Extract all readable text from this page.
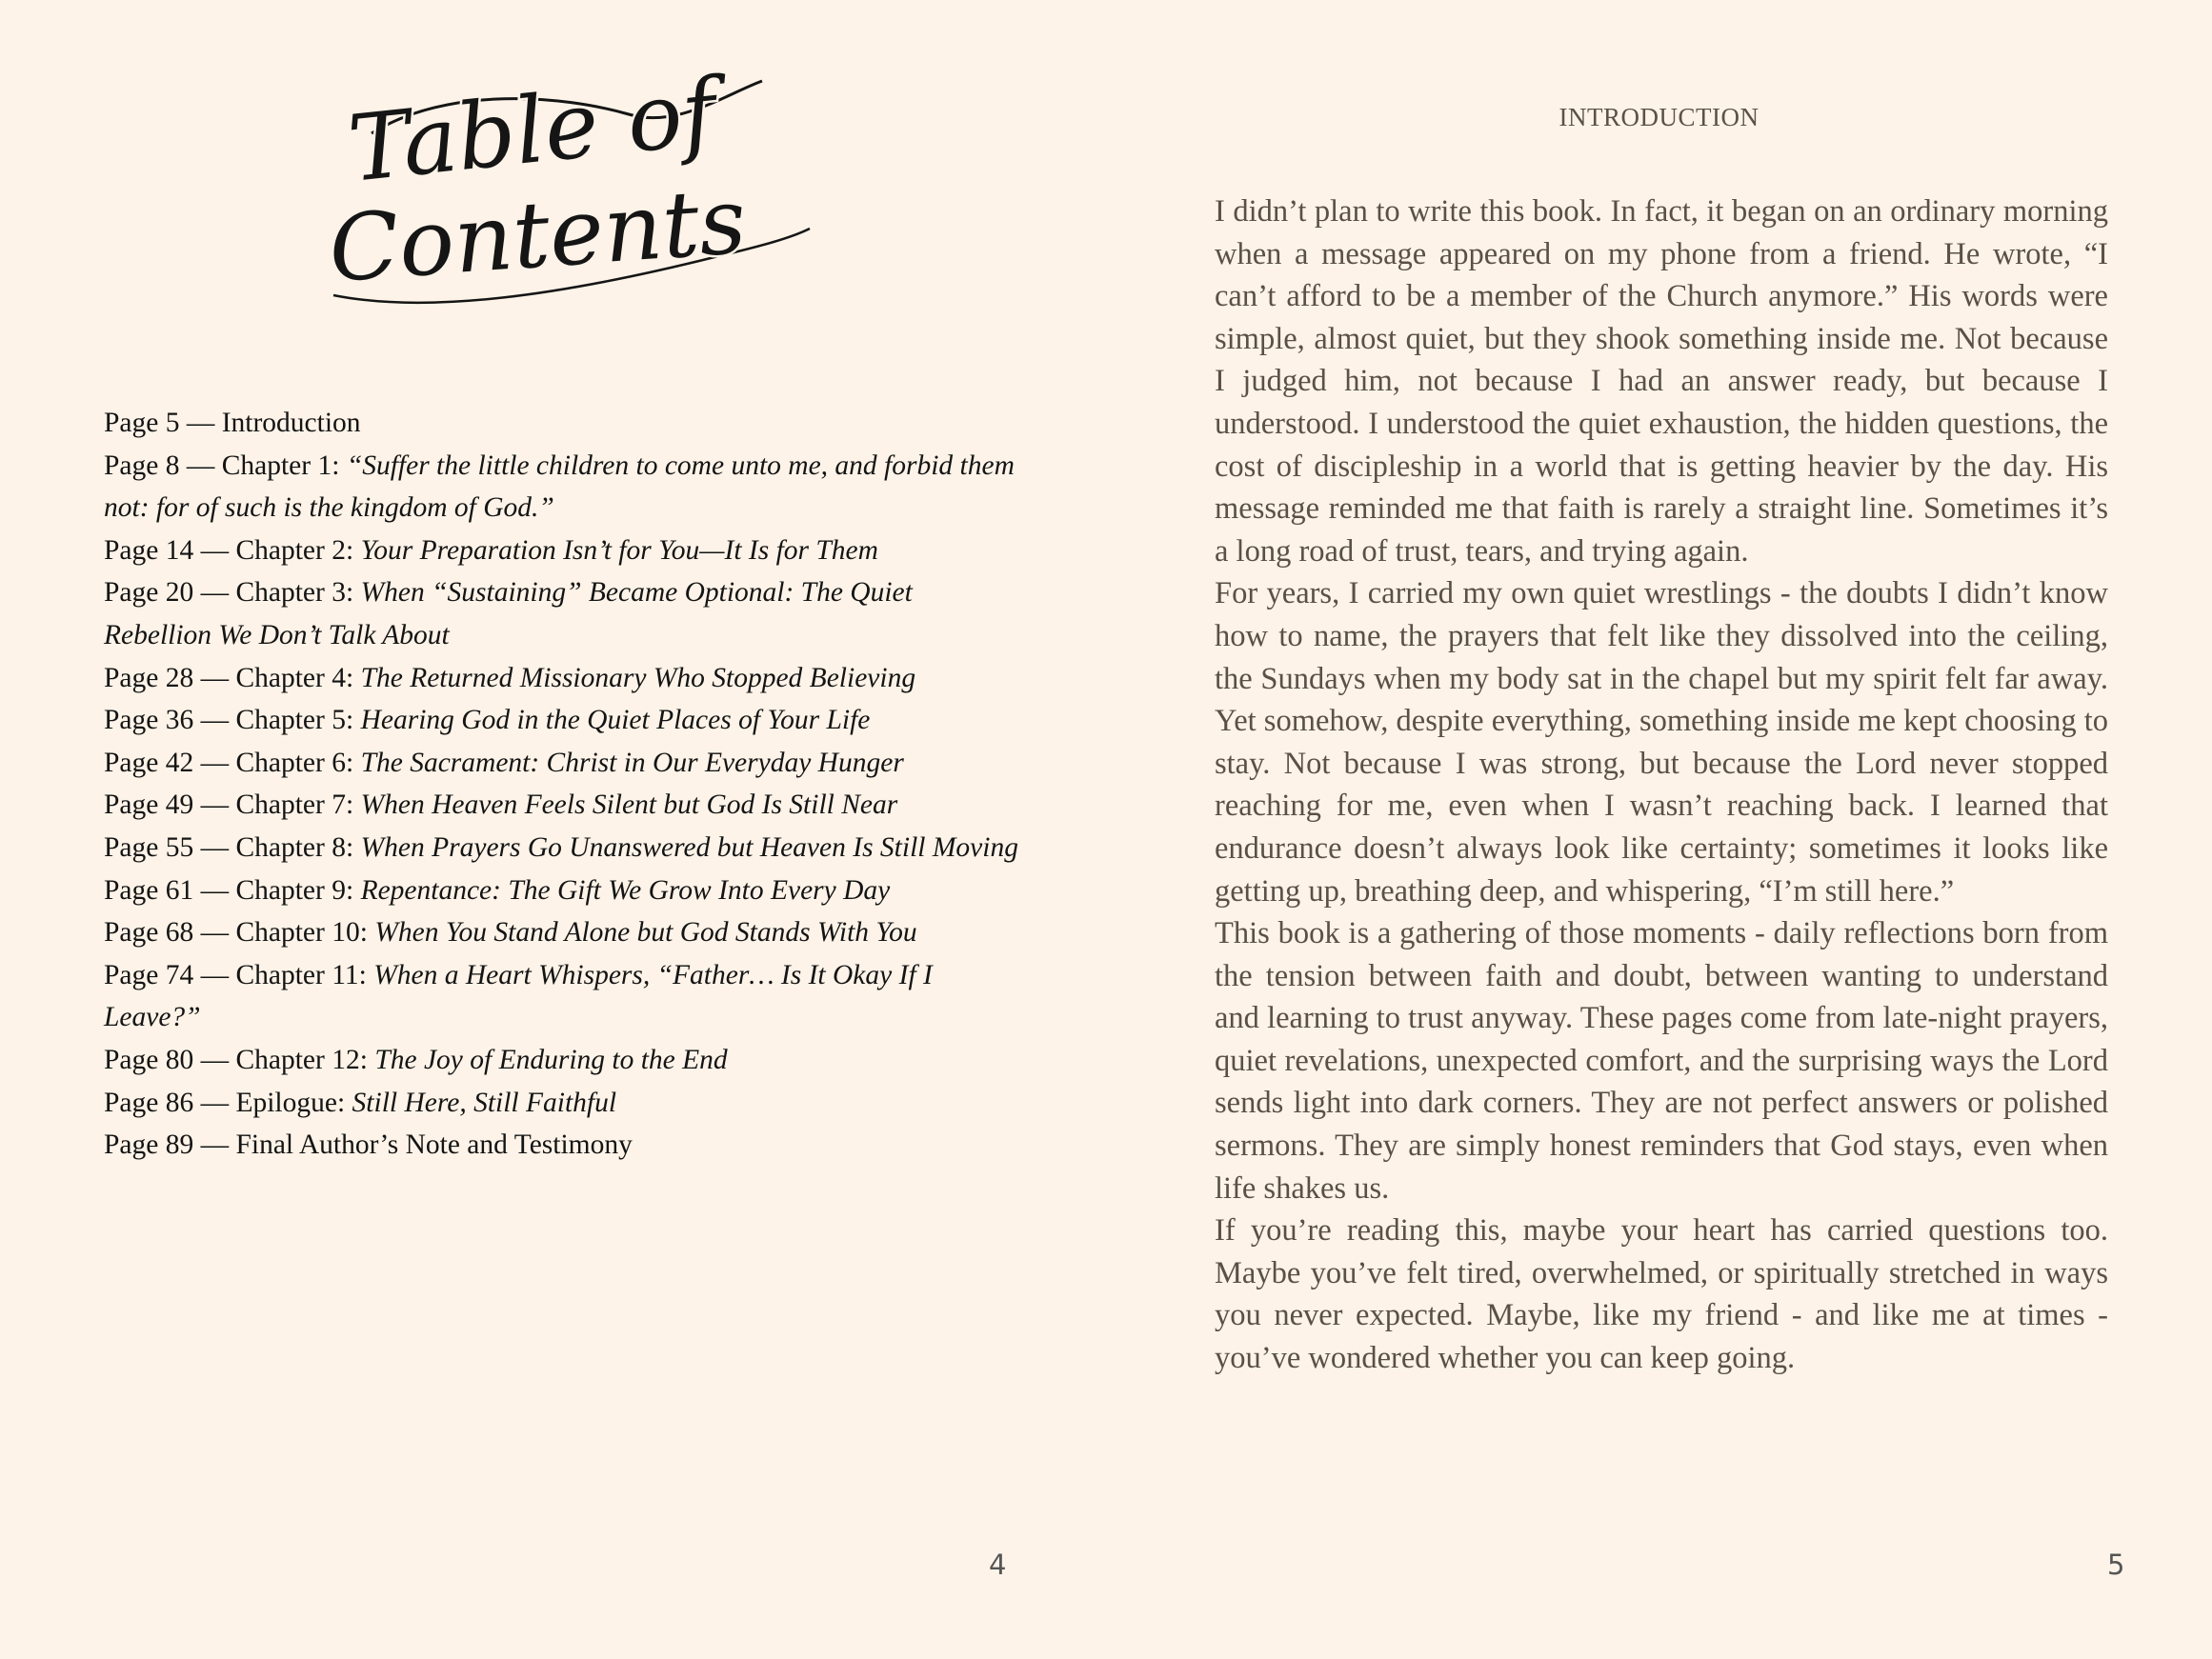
Table of
Contents
Page 5 — Introduction
Page 8 — Chapter 1: “Suffer the little children to come unto me, and forbid them not: for of such is the kingdom of God.”
Page 14 — Chapter 2: Your Preparation Isn’t for You—It Is for Them
Page 20 — Chapter 3: When “Sustaining” Became Optional: The Quiet Rebellion We Don’t Talk About
Page 28 — Chapter 4: The Returned Missionary Who Stopped Believing
Page 36 — Chapter 5: Hearing God in the Quiet Places of Your Life
Page 42 — Chapter 6: The Sacrament: Christ in Our Everyday Hunger
Page 49 — Chapter 7: When Heaven Feels Silent but God Is Still Near
Page 55 — Chapter 8: When Prayers Go Unanswered but Heaven Is Still Moving
Page 61 — Chapter 9: Repentance: The Gift We Grow Into Every Day
Page 68 — Chapter 10: When You Stand Alone but God Stands With You
Page 74 — Chapter 11: When a Heart Whispers, “Father… Is It Okay If I Leave?”
Page 80 — Chapter 12: The Joy of Enduring to the End
Page 86 — Epilogue: Still Here, Still Faithful
Page 89 — Final Author’s Note and Testimony
4
INTRODUCTION

I didn’t plan to write this book. In fact, it began on an ordinary morning when a message appeared on my phone from a friend. He wrote, “I can’t afford to be a member of the Church anymore.” His words were simple, almost quiet, but they shook something inside me. Not because I judged him, not because I had an answer ready, but because I understood. I understood the quiet exhaustion, the hidden questions, the cost of discipleship in a world that is getting heavier by the day. His message reminded me that faith is rarely a straight line. Sometimes it’s a long road of trust, tears, and trying again.

For years, I carried my own quiet wrestlings - the doubts I didn’t know how to name, the prayers that felt like they dissolved into the ceiling, the Sundays when my body sat in the chapel but my spirit felt far away. Yet somehow, despite everything, something inside me kept choosing to stay. Not because I was strong, but because the Lord never stopped reaching for me, even when I wasn’t reaching back. I learned that endurance doesn’t always look like certainty; sometimes it looks like getting up, breathing deep, and whispering, “I’m still here.”

This book is a gathering of those moments - daily reflections born from the tension between faith and doubt, between wanting to understand and learning to trust anyway. These pages come from late-night prayers, quiet revelations, unexpected comfort, and the surprising ways the Lord sends light into dark corners. They are not perfect answers or polished sermons. They are simply honest reminders that God stays, even when life shakes us.

If you’re reading this, maybe your heart has carried questions too. Maybe you’ve felt tired, overwhelmed, or spiritually stretched in ways you never expected. Maybe, like my friend - and like me at times - you’ve wondered whether you can keep going.

5
